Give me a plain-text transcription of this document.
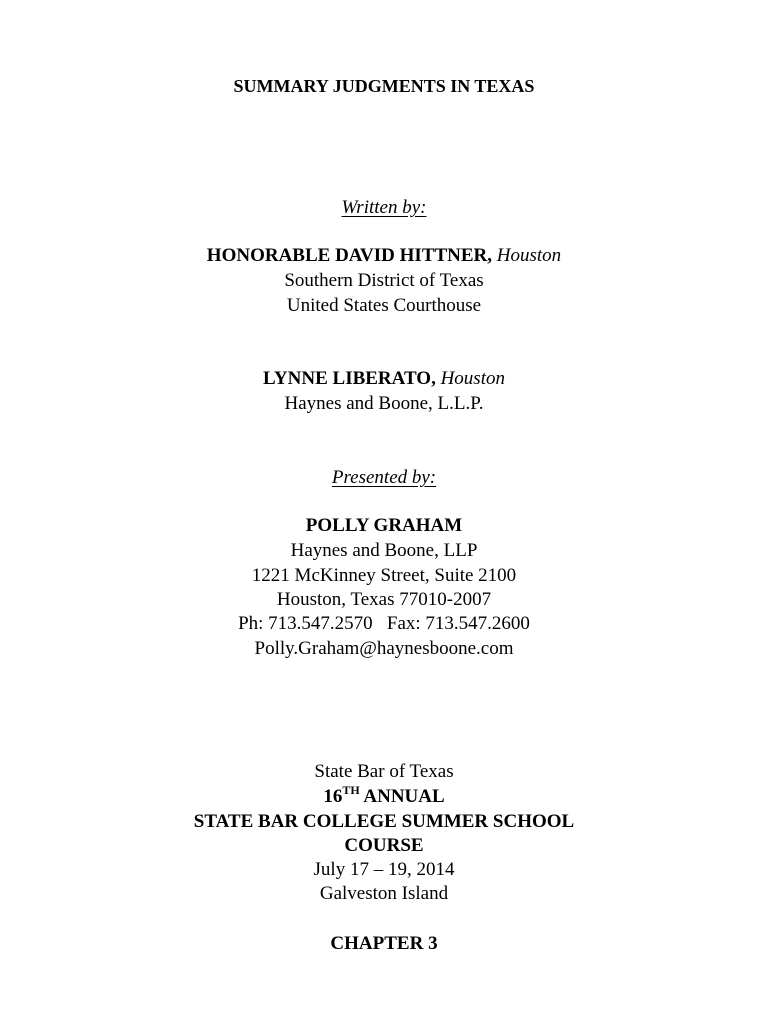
SUMMARY JUDGMENTS IN TEXAS
Written by:
HONORABLE DAVID HITTNER, Houston
Southern District of Texas
United States Courthouse
LYNNE LIBERATO, Houston
Haynes and Boone, L.L.P.
Presented by:
POLLY GRAHAM
Haynes and Boone, LLP
1221 McKinney Street, Suite 2100
Houston, Texas 77010-2007
Ph: 713.547.2570   Fax: 713.547.2600
Polly.Graham@haynesboone.com
State Bar of Texas
16TH ANNUAL
STATE BAR COLLEGE SUMMER SCHOOL
COURSE
July 17 – 19, 2014
Galveston Island
CHAPTER 3
